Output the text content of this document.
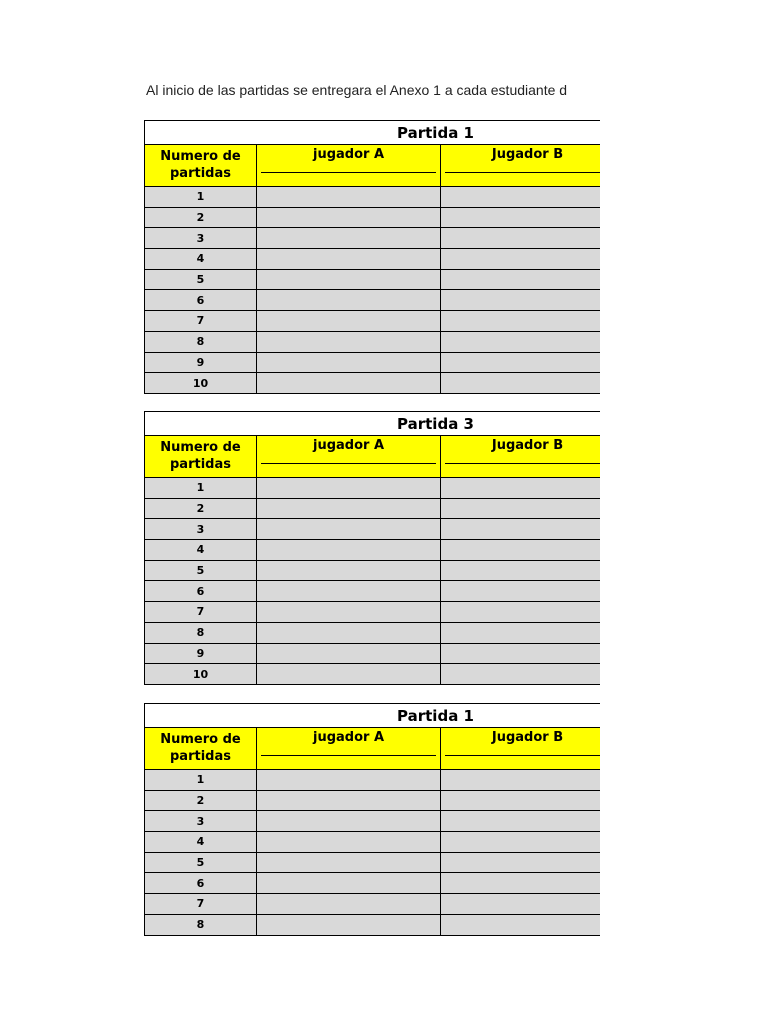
Al inicio de las partidas se entregara el Anexo 1 a cada estudiante d
Partida 1		
Numero de partidas	jugador A	Jugador B

1		
2		
3		
4		
5		
6		
7		
8		
9		
10		
Partida 3		
Numero de partidas	jugador A	Jugador B

1		
2		
3		
4		
5		
6		
7		
8		
9		
10		
Partida 1		
Numero de partidas	jugador A	Jugador B

1		
2		
3		
4		
5		
6		
7		
8		
